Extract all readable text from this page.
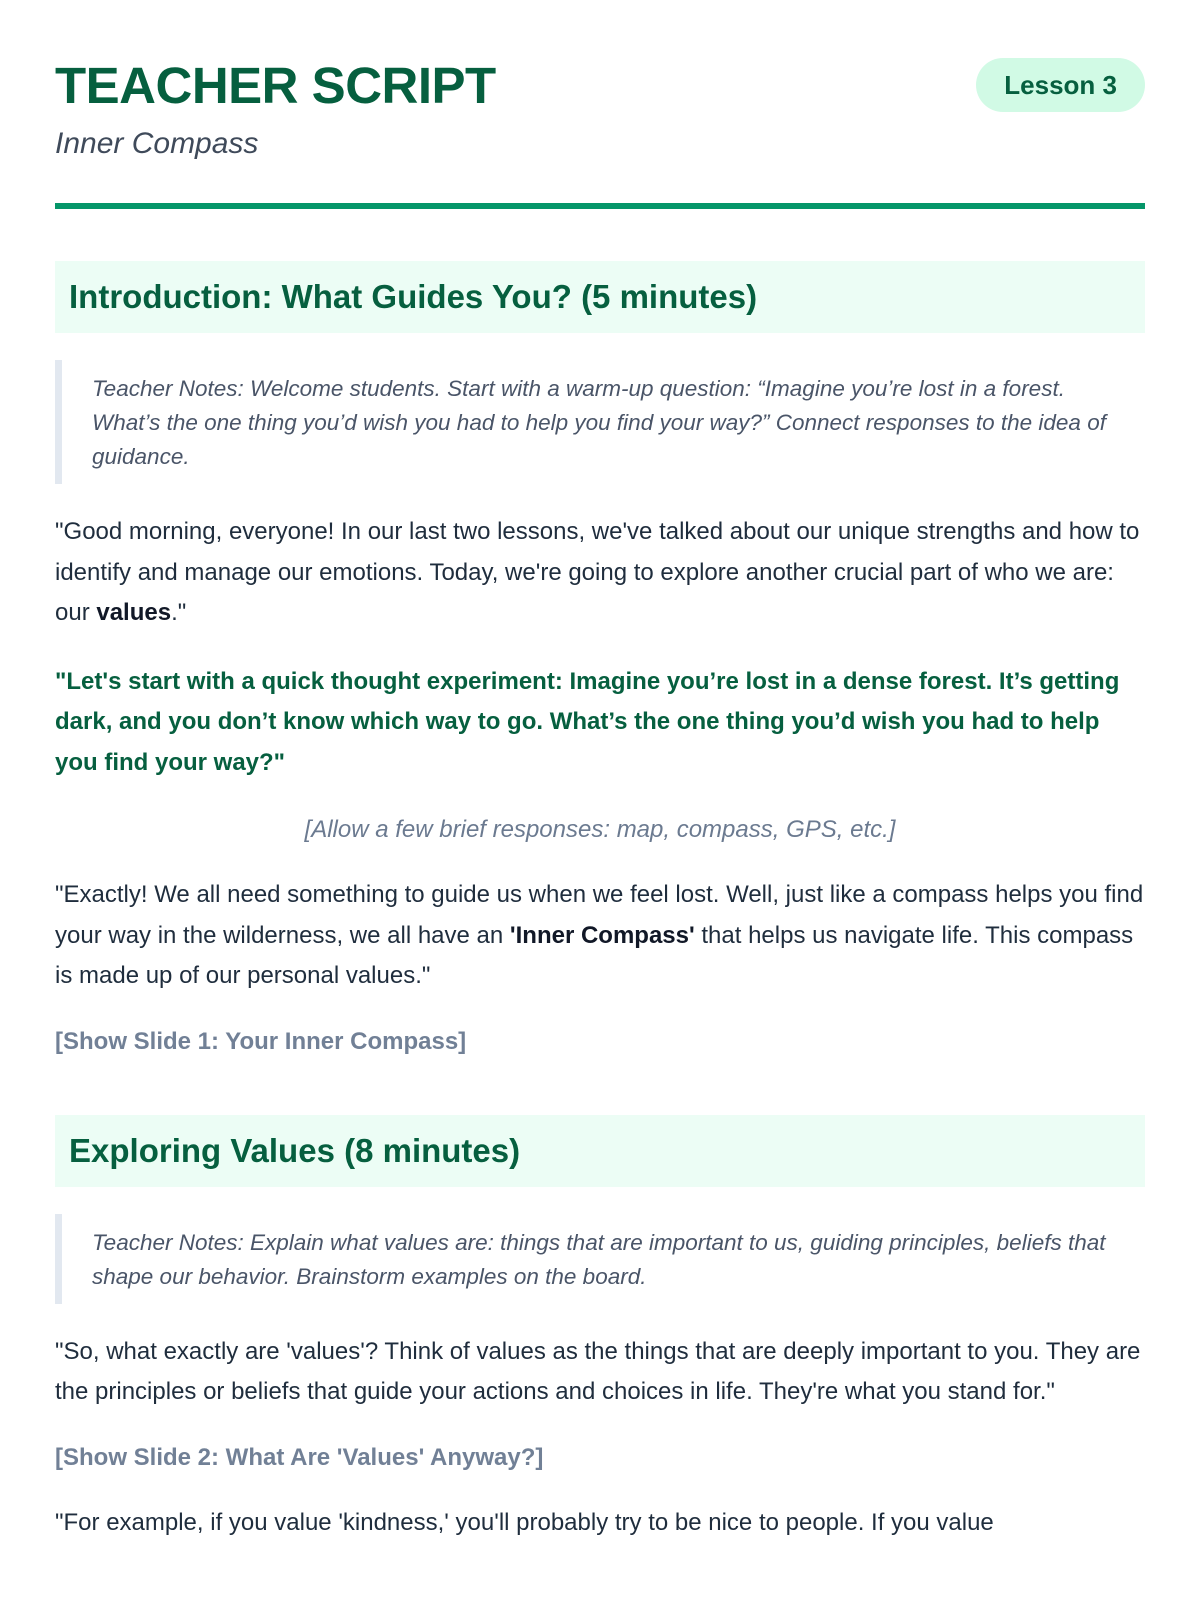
TEACHER SCRIPT
Inner Compass
Lesson 3
Introduction: What Guides You? (5 minutes)
Teacher Notes: Welcome students. Start with a warm-up question: “Imagine you’re lost in a forest. What’s the one thing you’d wish you had to help you find your way?” Connect responses to the idea of guidance.

"Good morning, everyone! In our last two lessons, we've talked about our unique strengths and how to identify and manage our emotions. Today, we're going to explore another crucial part of who we are: our values."

"Let's start with a quick thought experiment: Imagine you’re lost in a dense forest. It’s getting dark, and you don’t know which way to go. What’s the one thing you’d wish you had to help you find your way?"

[Allow a few brief responses: map, compass, GPS, etc.]

"Exactly! We all need something to guide us when we feel lost. Well, just like a compass helps you find your way in the wilderness, we all have an 'Inner Compass' that helps us navigate life. This compass is made up of our personal values."

[Show Slide 1: Your Inner Compass]

Exploring Values (8 minutes)
Teacher Notes: Explain what values are: things that are important to us, guiding principles, beliefs that shape our behavior. Brainstorm examples on the board.

"So, what exactly are 'values'? Think of values as the things that are deeply important to you. They are the principles or beliefs that guide your actions and choices in life. They're what you stand for."

[Show Slide 2: What Are 'Values' Anyway?]

"For example, if you value 'kindness,' you'll probably try to be nice to people. If you value
